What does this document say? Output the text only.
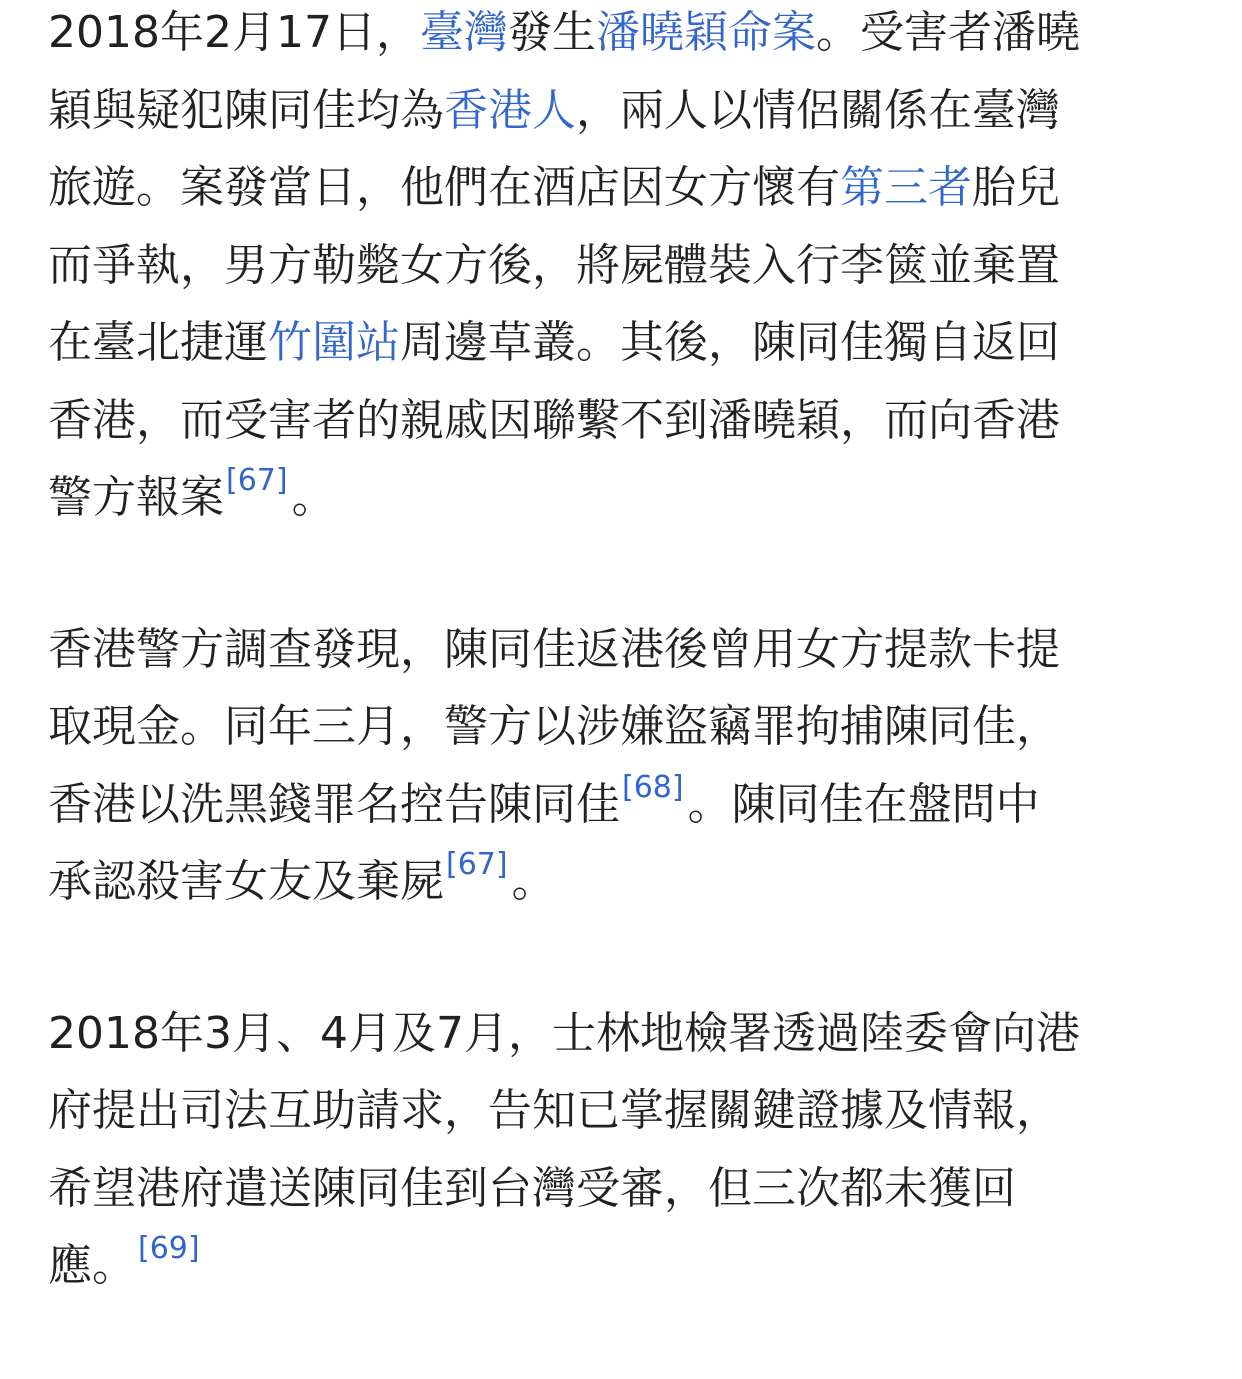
2018年2月17日，臺灣發生潘曉穎命案。受害者潘曉
穎與疑犯陳同佳均為香港人，兩人以情侶關係在臺灣
旅遊。案發當日，他們在酒店因女方懷有第三者胎兒
而爭執，男方勒斃女方後，將屍體裝入行李篋並棄置
在臺北捷運竹圍站周邊草叢。其後，陳同佳獨自返回
香港，而受害者的親戚因聯繫不到潘曉穎，而向香港
警方報案[67]。

香港警方調查發現，陳同佳返港後曾用女方提款卡提
取現金。同年三月，警方以涉嫌盜竊罪拘捕陳同佳，
香港以洗黑錢罪名控告陳同佳[68]。陳同佳在盤問中
承認殺害女友及棄屍[67]。

2018年3月、4月及7月，士林地檢署透過陸委會向港
府提出司法互助請求，告知已掌握關鍵證據及情報，
希望港府遣送陳同佳到台灣受審，但三次都未獲回
應。[69]
